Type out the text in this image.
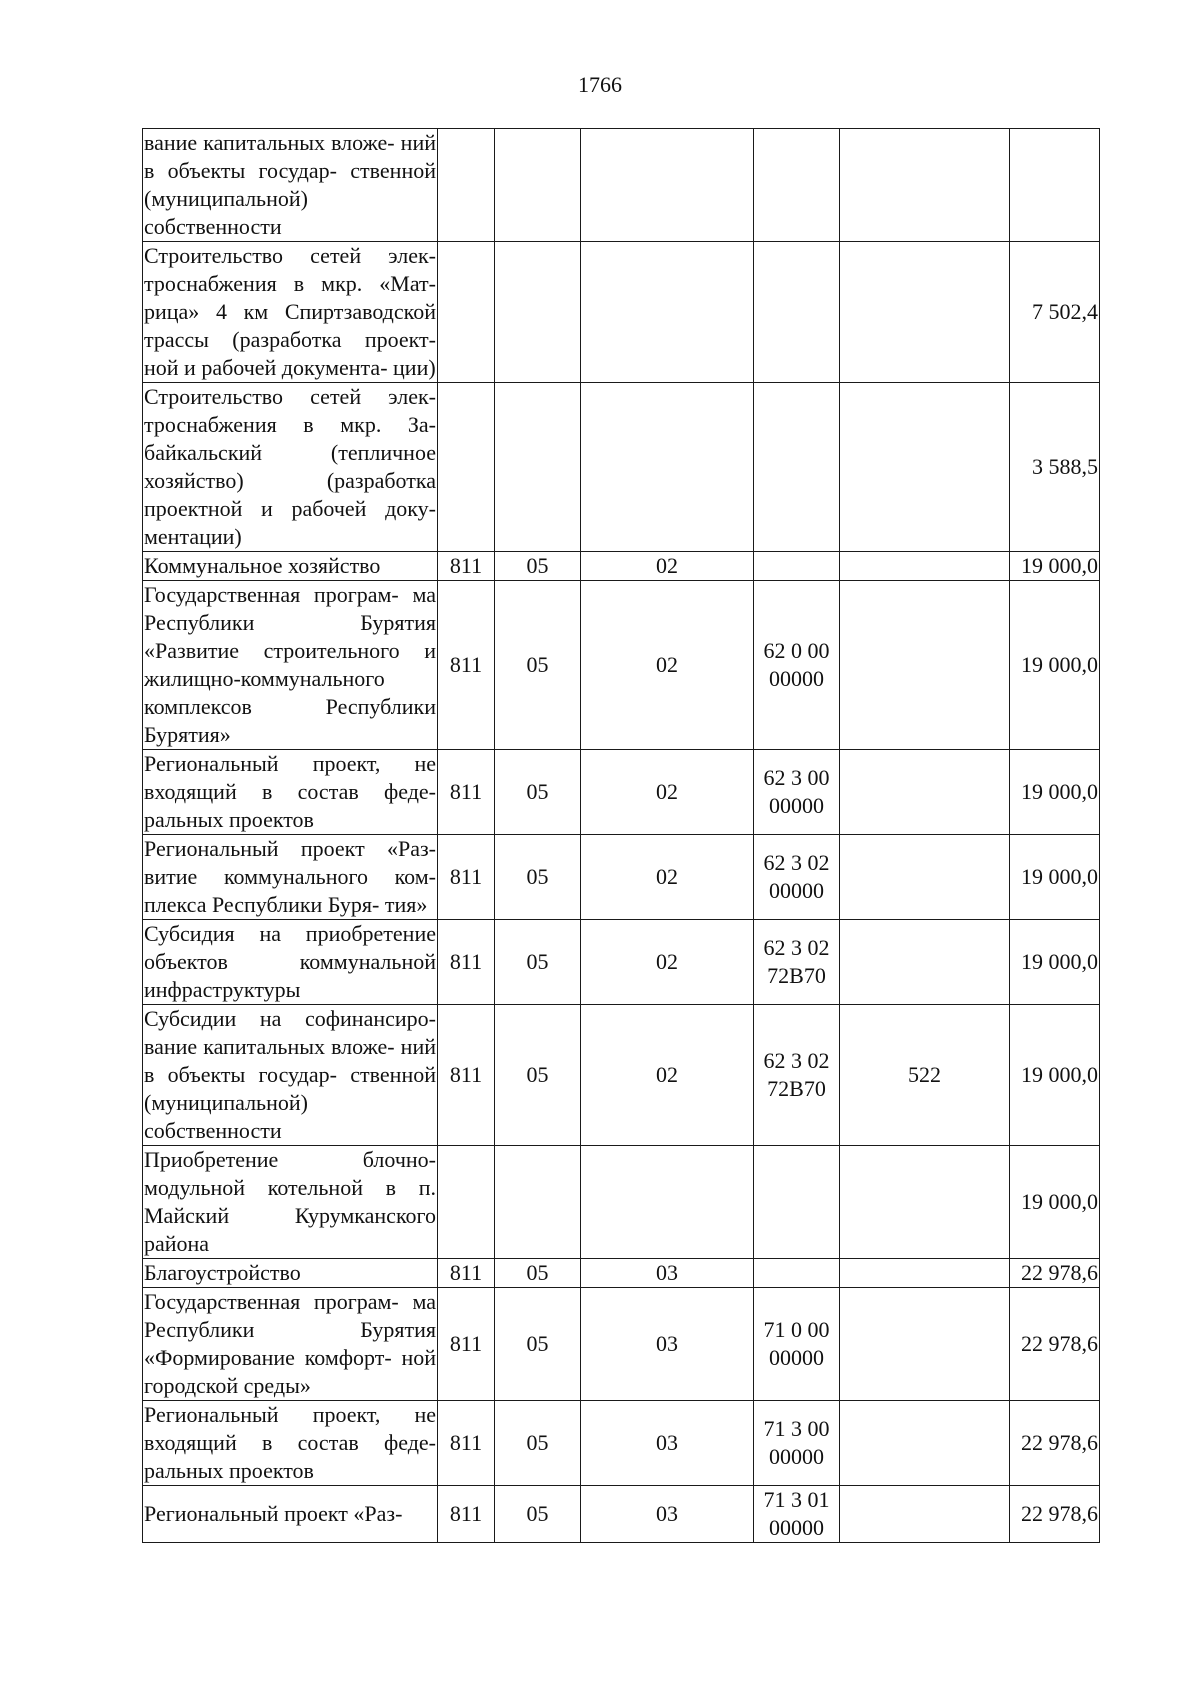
1766
вание капитальных вложе- ний в объекты государ- ственной (муниципальной) собственности						
Строительство сетей элек- троснабжения в мкр. «Мат- рица» 4 км Спиртзаводской трассы (разработка проект- ной и рабочей документа- ции)						7 502,4
Строительство сетей элек- троснабжения в мкр. За- байкальский (тепличное хозяйство) (разработка проектной и рабочей доку- ментации)						3 588,5
Коммунальное хозяйство	811	05	02			19 000,0
Государственная програм- ма Республики Бурятия «Развитие строительного и жилищно-коммунального комплексов Республики Бурятия»	811	05	02	62 0 00 00000		19 000,0
Региональный проект, не входящий в состав феде- ральных проектов	811	05	02	62 3 00 00000		19 000,0
Региональный проект «Раз- витие коммунального ком- плекса Республики Буря- тия»	811	05	02	62 3 02 00000		19 000,0
Субсидия на приобретение объектов коммунальной инфраструктуры	811	05	02	62 3 02 72В70		19 000,0
Субсидии на софинансиро- вание капитальных вложе- ний в объекты государ- ственной (муниципальной) собственности	811	05	02	62 3 02 72В70	522	19 000,0
Приобретение блочно- модульной котельной в п. Майский Курумканского района						19 000,0
Благоустройство	811	05	03			22 978,6
Государственная програм- ма Республики Бурятия «Формирование комфорт- ной городской среды»	811	05	03	71 0 00 00000		22 978,6
Региональный проект, не входящий в состав феде- ральных проектов	811	05	03	71 3 00 00000		22 978,6
Региональный проект «Раз-	811	05	03	71 3 01 00000		22 978,6
